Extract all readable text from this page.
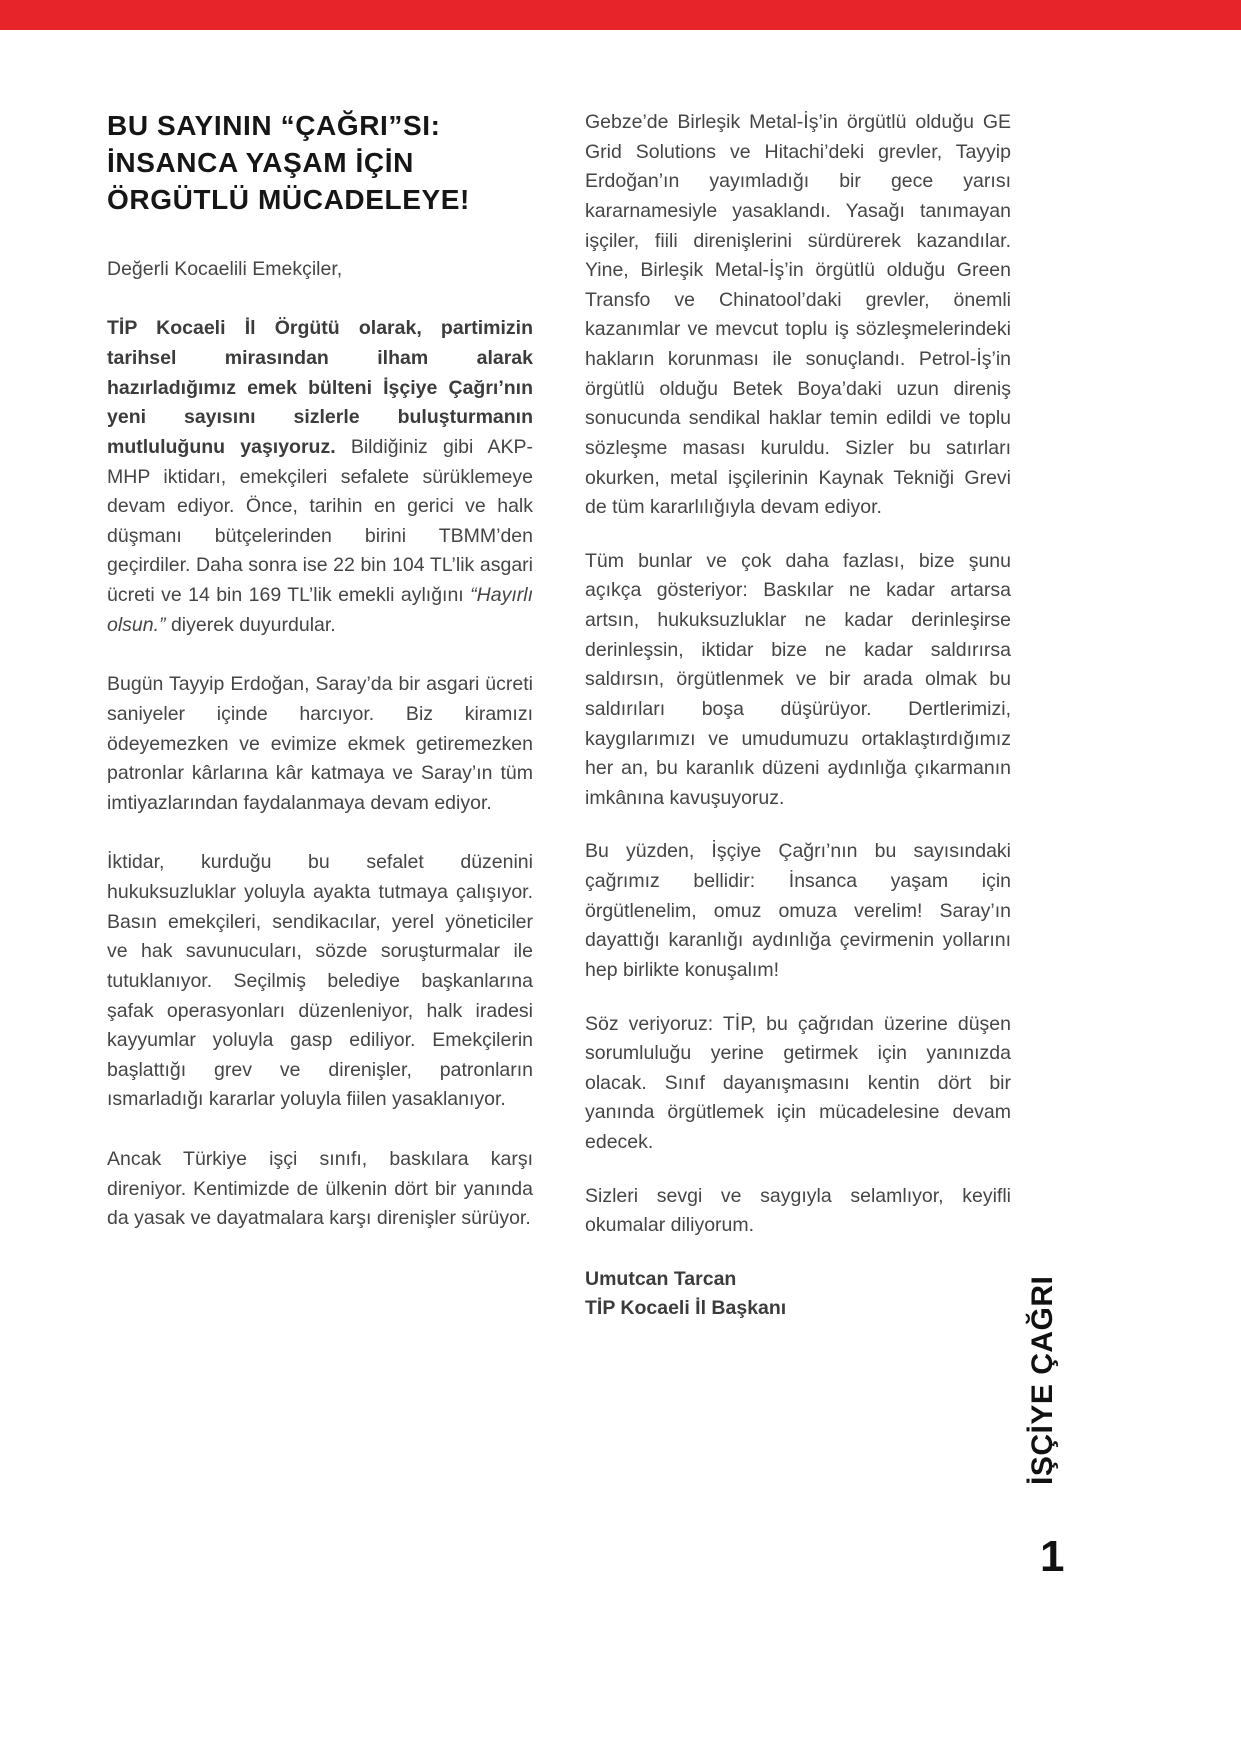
BU SAYININ “ÇAĞRI”SI:
İNSANCA YAŞAM İÇİN
ÖRGÜTLÜ MÜCADELEYE!

Değerli Kocaelili Emekçiler,

TİP Kocaeli İl Örgütü olarak, partimizin tarihsel mirasından ilham alarak hazırladığımız emek bülteni İşçiye Çağrı’nın yeni sayısını sizlerle buluşturmanın mutluluğunu yaşıyoruz. Bildiğiniz gibi AKP-MHP iktidarı, emekçileri sefalete sürüklemeye devam ediyor. Önce, tarihin en gerici ve halk düşmanı bütçelerinden birini TBMM’den geçirdiler. Daha sonra ise 22 bin 104 TL’lik asgari ücreti ve 14 bin 169 TL’lik emekli aylığını “Hayırlı olsun.” diyerek duyurdular.

Bugün Tayyip Erdoğan, Saray’da bir asgari ücreti saniyeler içinde harcıyor. Biz kiramızı ödeyemezken ve evimize ekmek getiremezken patronlar kârlarına kâr katmaya ve Saray’ın tüm imtiyazlarından faydalanmaya devam ediyor.

İktidar, kurduğu bu sefalet düzenini hukuksuzluklar yoluyla ayakta tutmaya çalışıyor. Basın emekçileri, sendikacılar, yerel yöneticiler ve hak savunucuları, sözde soruşturmalar ile tutuklanıyor. Seçilmiş belediye başkanlarına şafak operasyonları düzenleniyor, halk iradesi kayyumlar yoluyla gasp ediliyor. Emekçilerin başlattığı grev ve direnişler, patronların ısmarladığı kararlar yoluyla fiilen yasaklanıyor.

Ancak Türkiye işçi sınıfı, baskılara karşı direniyor. Kentimizde de ülkenin dört bir yanında da yasak ve dayatmalara karşı direnişler sürüyor.

Gebze’de Birleşik Metal-İş’in örgütlü olduğu GE Grid Solutions ve Hitachi’deki grevler, Tayyip Erdoğan’ın yayımladığı bir gece yarısı kararnamesiyle yasaklandı. Yasağı tanımayan işçiler, fiili direnişlerini sürdürerek kazandılar. Yine, Birleşik Metal-İş’in örgütlü olduğu Green Transfo ve Chinatool’daki grevler, önemli kazanımlar ve mevcut toplu iş sözleşmelerindeki hakların korunması ile sonuçlandı. Petrol-İş’in örgütlü olduğu Betek Boya’daki uzun direniş sonucunda sendikal haklar temin edildi ve toplu sözleşme masası kuruldu. Sizler bu satırları okurken, metal işçilerinin Kaynak Tekniği Grevi de tüm kararlılığıyla devam ediyor.

Tüm bunlar ve çok daha fazlası, bize şunu açıkça gösteriyor: Baskılar ne kadar artarsa artsın, hukuksuzluklar ne kadar derinleşirse derinleşsin, iktidar bize ne kadar saldırırsa saldırsın, örgütlenmek ve bir arada olmak bu saldırıları boşa düşürüyor. Dertlerimizi, kaygılarımızı ve umudumuzu ortaklaştırdığımız her an, bu karanlık düzeni aydınlığa çıkarmanın imkânına kavuşuyoruz.

Bu yüzden, İşçiye Çağrı’nın bu sayısındaki çağrımız bellidir: İnsanca yaşam için örgütlenelim, omuz omuza verelim! Saray’ın dayattığı karanlığı aydınlığa çevirmenin yollarını hep birlikte konuşalım!

Söz veriyoruz: TİP, bu çağrıdan üzerine düşen sorumluluğu yerine getirmek için yanınızda olacak. Sınıf dayanışmasını kentin dört bir yanında örgütlemek için mücadelesine devam edecek.

Sizleri sevgi ve saygıyla selamlıyor, keyifli okumalar diliyorum.

Umutcan Tarcan
TİP Kocaeli İl Başkanı	İŞÇİYE ÇAĞRI
1
